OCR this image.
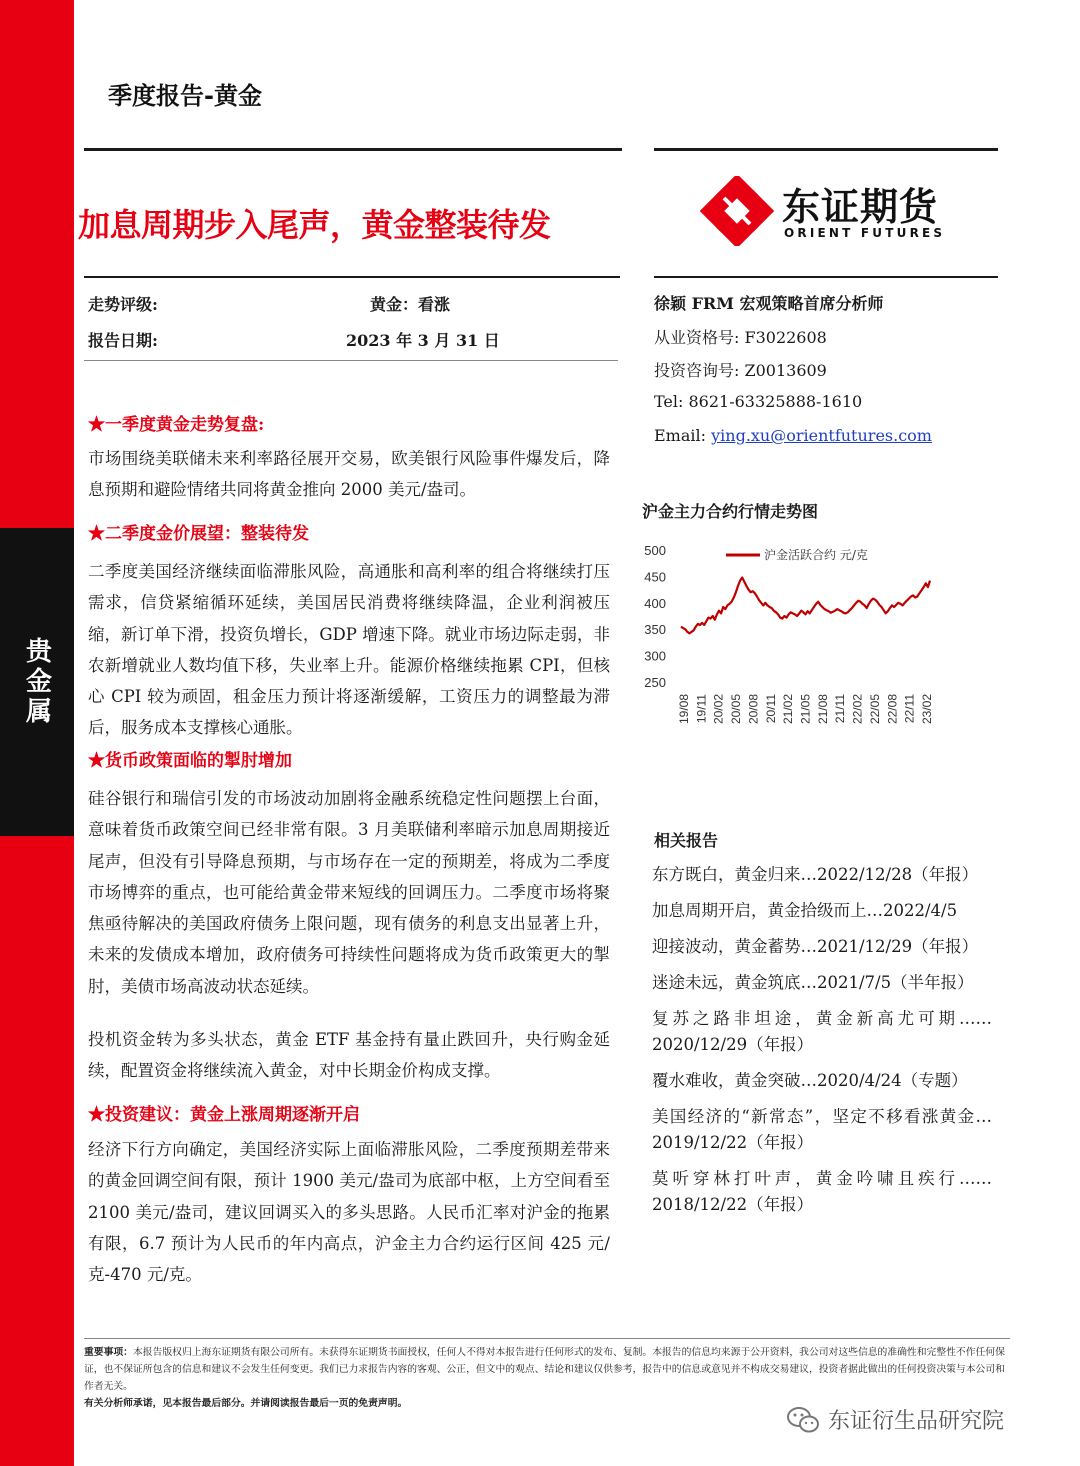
贵金属
季度报告-黄金
加息周期步入尾声，黄金整装待发	东证期货
ORIENT FUTURES
走势评级:	黄金：看涨
报告日期:	2023 年 3 月 31 日
徐颖 FRM 宏观策略首席分析师
从业资格号: F3022608
投资咨询号: Z0013609
Tel: 8621-63325888-1610
Email: ying.xu@orientfutures.com
★一季度黄金走势复盘:
市场围绕美联储未来利率路径展开交易，欧美银行风险事件爆发后，降息预期和避险情绪共同将黄金推向 2000 美元/盎司。
★二季度金价展望：整装待发
二季度美国经济继续面临滞胀风险，高通胀和高利率的组合将继续打压需求，信贷紧缩循环延续，美国居民消费将继续降温，企业利润被压缩，新订单下滑，投资负增长，GDP 增速下降。就业市场边际走弱，非农新增就业人数均值下移，失业率上升。能源价格继续拖累 CPI，但核心 CPI 较为顽固，租金压力预计将逐渐缓解，工资压力的调整最为滞后，服务成本支撑核心通胀。
★货币政策面临的掣肘增加
硅谷银行和瑞信引发的市场波动加剧将金融系统稳定性问题摆上台面，意味着货币政策空间已经非常有限。3 月美联储利率暗示加息周期接近尾声，但没有引导降息预期，与市场存在一定的预期差，将成为二季度市场博弈的重点，也可能给黄金带来短线的回调压力。二季度市场将聚焦亟待解决的美国政府债务上限问题，现有债务的利息支出显著上升，未来的发债成本增加，政府债务可持续性问题将成为货币政策更大的掣肘，美债市场高波动状态延续。
投机资金转为多头状态，黄金 ETF 基金持有量止跌回升，央行购金延续，配置资金将继续流入黄金，对中长期金价构成支撑。
★投资建议：黄金上涨周期逐渐开启
经济下行方向确定，美国经济实际上面临滞胀风险，二季度预期差带来的黄金回调空间有限，预计 1900 美元/盎司为底部中枢，上方空间看至 2100 美元/盎司，建议回调买入的多头思路。人民币汇率对沪金的拖累有限，6.7 预计为人民币的年内高点，沪金主力合约运行区间 425 元/克-470 元/克。
沪金主力合约行情走势图
500
450
400
350
300
250
19/08 19/11 20/02 20/05 20/08 20/11 21/02 21/05 21/08 21/11 22/02 22/05 22/08 22/11 23/02
沪金活跃合约 元/克
相关报告
东方既白，黄金归来…2022/12/28（年报）
加息周期开启，黄金拾级而上…2022/4/5
迎接波动，黄金蓄势…2021/12/29（年报）
迷途未远，黄金筑底…2021/7/5（半年报）
复苏之路非坦途，黄金新高尤可期……2020/12/29（年报）
覆水难收，黄金突破…2020/4/24（专题）
美国经济的“新常态”，坚定不移看涨黄金…2019/12/22（年报）
莫听穿林打叶声，黄金吟啸且疾行……2018/12/22（年报）
重要事项：本报告版权归上海东证期货有限公司所有。未获得东证期货书面授权，任何人不得对本报告进行任何形式的发布、复制。本报告的信息均来源于公开资料，我公司对这些信息的准确性和完整性不作任何保证，也不保证所包含的信息和建议不会发生任何变更。我们已力求报告内容的客观、公正，但文中的观点、结论和建议仅供参考，报告中的信息或意见并不构成交易建议，投资者据此做出的任何投资决策与本公司和作者无关。
有关分析师承诺，见本报告最后部分。并请阅读报告最后一页的免责声明。
东证衍生品研究院
